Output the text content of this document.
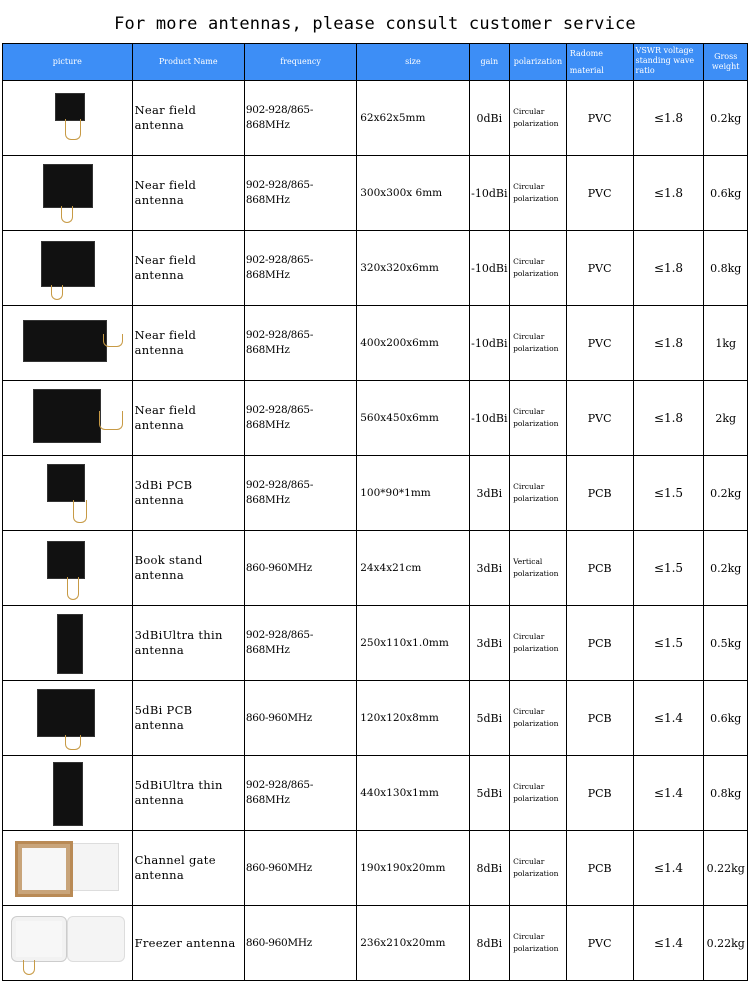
For more antennas, please consult customer service
picture	Product Name	frequency	size	gain	polarization	Radome material	VSWR voltage standing wave ratio	Gross weight

	Near field antenna	902-928/865-868MHz	62x62x5mm	0dBi	Circular polarization	PVC	≤1.8	0.2kg

	Near field antenna	902-928/865-868MHz	300x300x 6mm	-10dBi	Circular polarization	PVC	≤1.8	0.6kg

	Near field antenna	902-928/865-868MHz	320x320x6mm	-10dBi	Circular polarization	PVC	≤1.8	0.8kg

	Near field antenna	902-928/865-868MHz	400x200x6mm	-10dBi	Circular polarization	PVC	≤1.8	1kg

	Near field antenna	902-928/865-868MHz	560x450x6mm	-10dBi	Circular polarization	PVC	≤1.8	2kg

	3dBi PCB antenna	902-928/865-868MHz	100*90*1mm	3dBi	Circular polarization	PCB	≤1.5	0.2kg

	Book stand antenna	860-960MHz	24x4x21cm	3dBi	Vertical polarization	PCB	≤1.5	0.2kg

	3dBiUltra thin antenna	902-928/865-868MHz	250x110x1.0mm	3dBi	Circular polarization	PCB	≤1.5	0.5kg

	5dBi PCB antenna	860-960MHz	120x120x8mm	5dBi	Circular polarization	PCB	≤1.4	0.6kg

	5dBiUltra thin antenna	902-928/865-868MHz	440x130x1mm	5dBi	Circular polarization	PCB	≤1.4	0.8kg

	Channel gate antenna	860-960MHz	190x190x20mm	8dBi	Circular polarization	PCB	≤1.4	0.22kg

	Freezer antenna	860-960MHz	236x210x20mm	8dBi	Circular polarization	PVC	≤1.4	0.22kg
